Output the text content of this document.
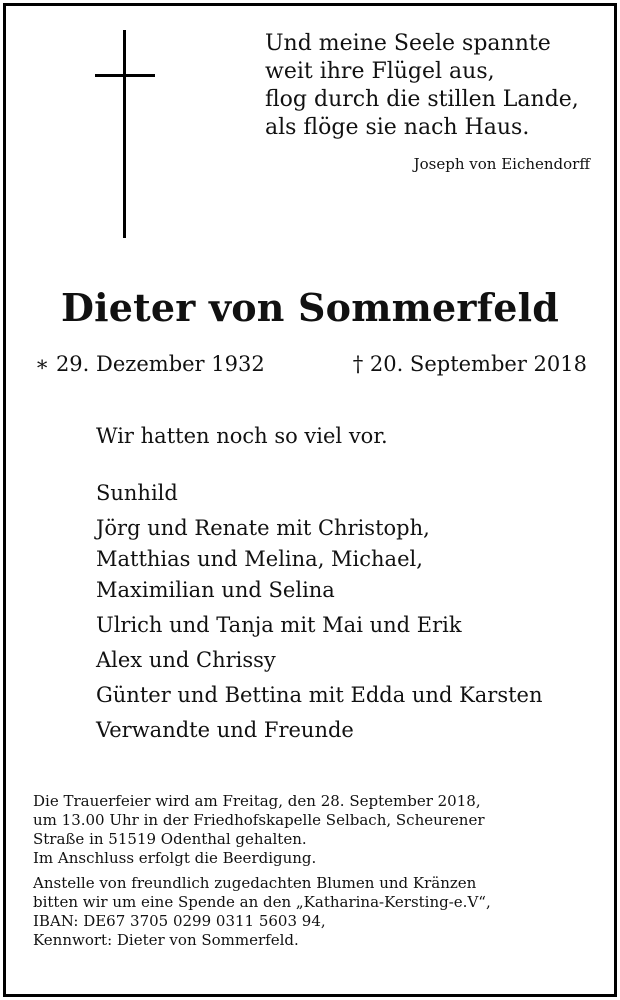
Und meine Seele spannte
weit ihre Flügel aus,
flog durch die stillen Lande,
als flöge sie nach Haus.
Joseph von Eichendorff
Dieter von Sommerfeld
∗ 29. Dezember 1932	† 20. September 2018
Wir hatten noch so viel vor.
Sunhild
Jörg und Renate mit Christoph,
Matthias und Melina, Michael,
Maximilian und Selina
Ulrich und Tanja mit Mai und Erik
Alex und Chrissy
Günter und Bettina mit Edda und Karsten
Verwandte und Freunde
Die Trauerfeier wird am Freitag, den 28. September 2018,
um 13.00 Uhr in der Friedhofskapelle Selbach, Scheurener
Straße in 51519 Odenthal gehalten.
Im Anschluss erfolgt die Beerdigung.
Anstelle von freundlich zugedachten Blumen und Kränzen
bitten wir um eine Spende an den „Katharina-Kersting-e.V“,
IBAN: DE67 3705 0299 0311 5603 94,
Kennwort: Dieter von Sommerfeld.
